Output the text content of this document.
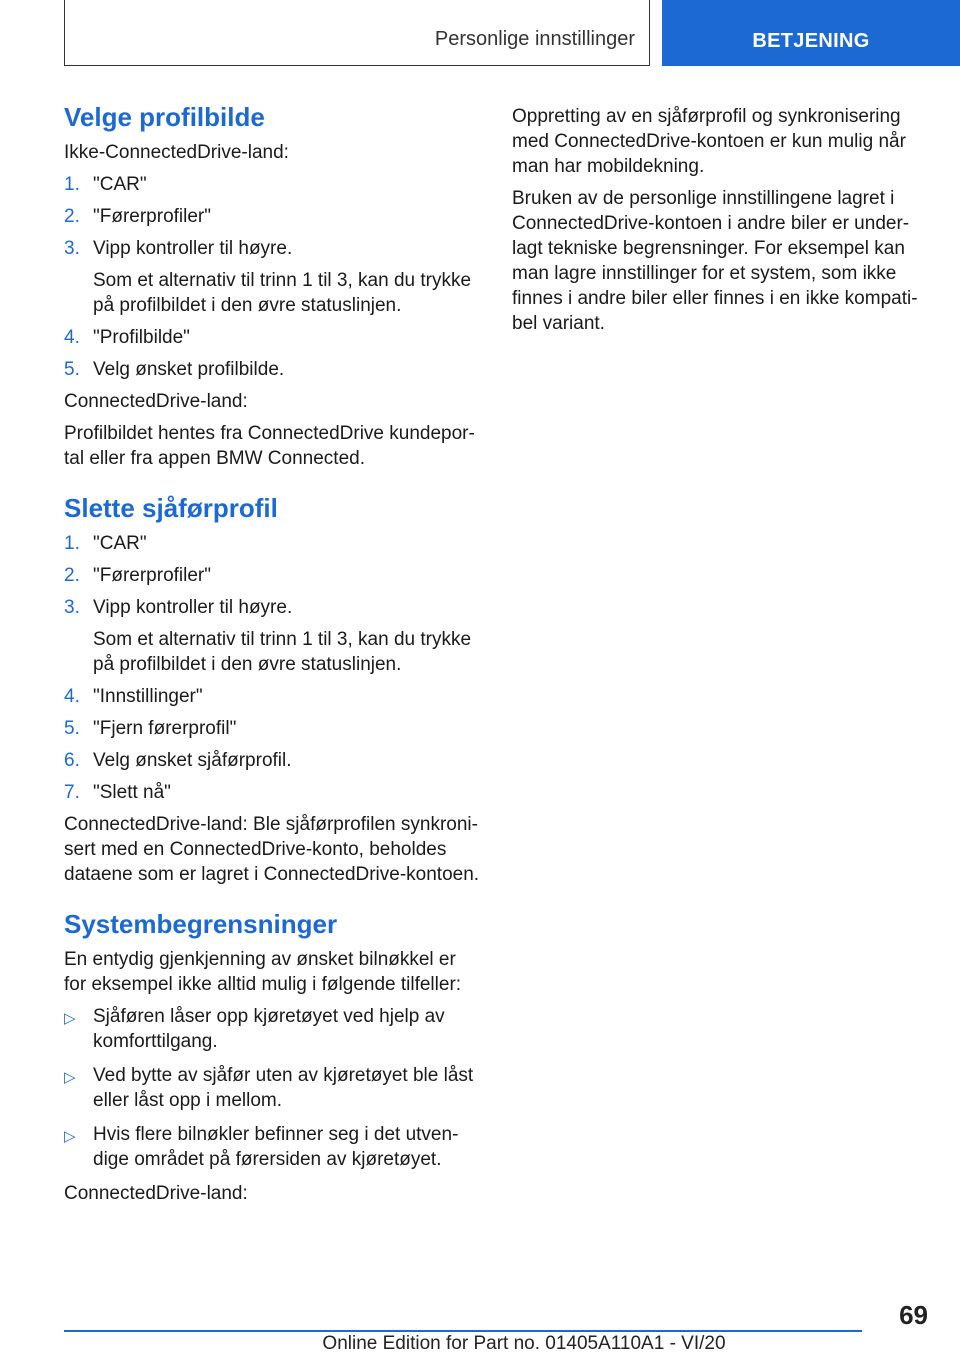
Personlige innstillinger	BETJENING
Velge profilbilde

Ikke-ConnectedDrive-land:

1. "CAR"
2. "Førerprofiler"
3. Vipp kontroller til høyre.
Som et alternativ til trinn 1 til 3, kan du trykke på profilbildet i den øvre statuslinjen.
4. "Profilbilde"
5. Velg ønsket profilbilde.

ConnectedDrive-land:

Profilbildet hentes fra ConnectedDrive kundeportal eller fra appen BMW Connected.

Slette sjåførprofil
1. "CAR"
2. "Førerprofiler"
3. Vipp kontroller til høyre.
Som et alternativ til trinn 1 til 3, kan du trykke på profilbildet i den øvre statuslinjen.
4. "Innstillinger"
5. "Fjern førerprofil"
6. Velg ønsket sjåførprofil.
7. "Slett nå"

ConnectedDrive-land: Ble sjåførprofilen synkronisert med en ConnectedDrive-konto, beholdes dataene som er lagret i ConnectedDrive-kontoen.

Systembegrensninger

En entydig gjenkjenning av ønsket bilnøkkel er for eksempel ikke alltid mulig i følgende tilfeller:

▷ Sjåføren låser opp kjøretøyet ved hjelp av komforttilgang.
▷ Ved bytte av sjåfør uten av kjøretøyet ble låst eller låst opp i mellom.
▷ Hvis flere bilnøkler befinner seg i det utvendige området på førersiden av kjøretøyet.

ConnectedDrive-land:

Oppretting av en sjåførprofil og synkronisering med ConnectedDrive-kontoen er kun mulig når man har mobildekning.

Bruken av de personlige innstillingene lagret i ConnectedDrive-kontoen i andre biler er underlagt tekniske begrensninger. For eksempel kan man lagre innstillinger for et system, som ikke finnes i andre biler eller finnes i en ikke kompatibel variant.

69
Online Edition for Part no. 01405A110A1 - VI/20
